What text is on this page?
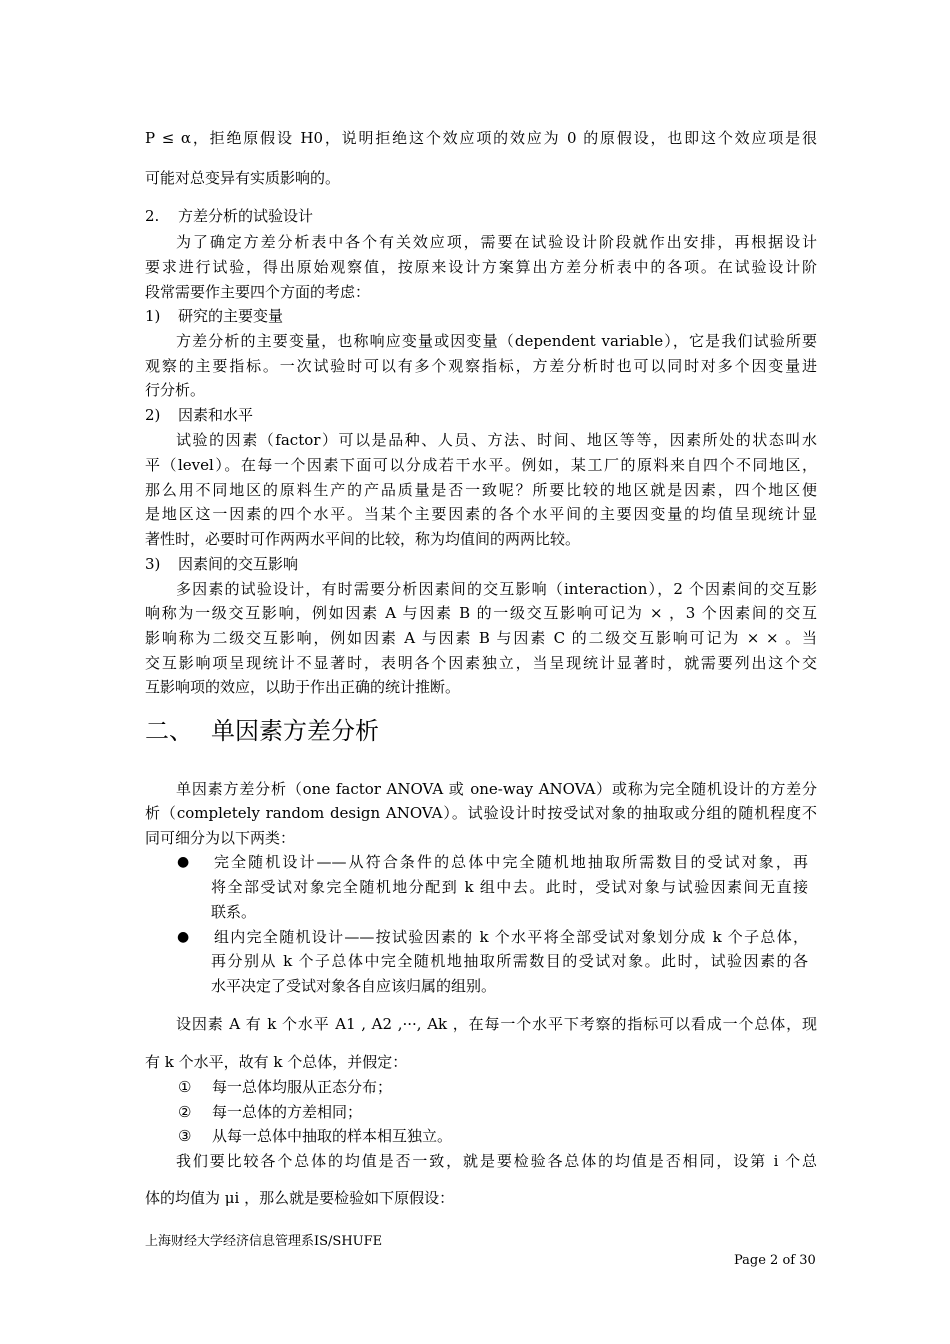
P ≤ α，拒绝原假设 H0，说明拒绝这个效应项的效应为 0 的原假设，也即这个效应项是很
可能对总变异有实质影响的。
2. 方差分析的试验设计
为了确定方差分析表中各个有关效应项，需要在试验设计阶段就作出安排，再根据设计
要求进行试验，得出原始观察值，按原来设计方案算出方差分析表中的各项。在试验设计阶
段常需要作主要四个方面的考虑：
1) 研究的主要变量
方差分析的主要变量，也称响应变量或因变量（dependent variable），它是我们试验所要
观察的主要指标。一次试验时可以有多个观察指标，方差分析时也可以同时对多个因变量进
行分析。
2) 因素和水平
试验的因素（factor）可以是品种、人员、方法、时间、地区等等，因素所处的状态叫水
平（level）。在每一个因素下面可以分成若干水平。例如，某工厂的原料来自四个不同地区，
那么用不同地区的原料生产的产品质量是否一致呢？所要比较的地区就是因素，四个地区便
是地区这一因素的四个水平。当某个主要因素的各个水平间的主要因变量的均值呈现统计显
著性时，必要时可作两两水平间的比较，称为均值间的两两比较。
3) 因素间的交互影响
多因素的试验设计，有时需要分析因素间的交互影响（interaction），2 个因素间的交互影
响称为一级交互影响，例如因素 A 与因素 B 的一级交互影响可记为 × ，3 个因素间的交互
影响称为二级交互影响，例如因素 A 与因素 B 与因素 C 的二级交互影响可记为 × × 。当
交互影响项呈现统计不显著时，表明各个因素独立，当呈现统计显著时，就需要列出这个交
互影响项的效应，以助于作出正确的统计推断。
二、 单因素方差分析
单因素方差分析（one factor ANOVA 或 one-way ANOVA）或称为完全随机设计的方差分
析（completely random design ANOVA）。试验设计时按受试对象的抽取或分组的随机程度不
同可细分为以下两类：
● 完全随机设计——从符合条件的总体中完全随机地抽取所需数目的受试对象，再
将全部受试对象完全随机地分配到 k 组中去。此时，受试对象与试验因素间无直接
联系。
● 组内完全随机设计——按试验因素的 k 个水平将全部受试对象划分成 k 个子总体，
再分别从 k 个子总体中完全随机地抽取所需数目的受试对象。此时，试验因素的各
水平决定了受试对象各自应该归属的组别。
设因素 A 有 k 个水平 A1 , A2 ,···, Ak ，在每一个水平下考察的指标可以看成一个总体，现
有 k 个水平，故有 k 个总体，并假定：
① 每一总体均服从正态分布；
② 每一总体的方差相同；
③ 从每一总体中抽取的样本相互独立。
我们要比较各个总体的均值是否一致，就是要检验各总体的均值是否相同，设第 i 个总
体的均值为 μi ，那么就是要检验如下原假设：
上海财经大学经济信息管理系IS/SHUFE
Page 2 of 30
